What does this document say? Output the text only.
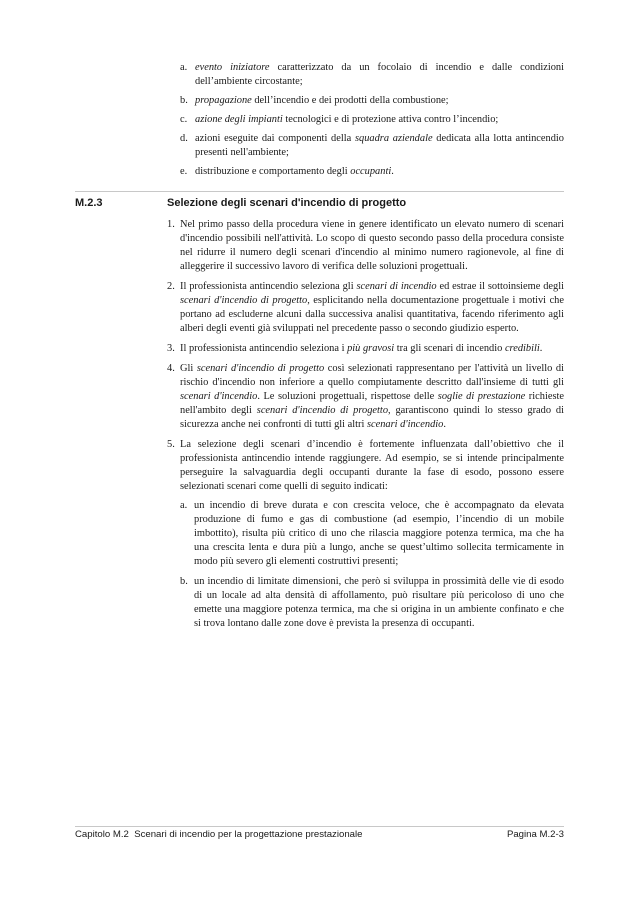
a. evento iniziatore caratterizzato da un focolaio di incendio e dalle condizioni dell’ambiente circostante;
b. propagazione dell’incendio e dei prodotti della combustione;
c. azione degli impianti tecnologici e di protezione attiva contro l’incendio;
d. azioni eseguite dai componenti della squadra aziendale dedicata alla lotta antincendio presenti nell'ambiente;
e. distribuzione e comportamento degli occupanti.
M.2.3	Selezione degli scenari d'incendio di progetto
1. Nel primo passo della procedura viene in genere identificato un elevato numero di scenari d'incendio possibili nell'attività. Lo scopo di questo secondo passo della procedura consiste nel ridurre il numero degli scenari d'incendio al minimo numero ragionevole, al fine di alleggerire il successivo lavoro di verifica delle soluzioni progettuali.
2. Il professionista antincendio seleziona gli scenari di incendio ed estrae il sottoinsieme degli scenari d'incendio di progetto, esplicitando nella documentazione progettuale i motivi che portano ad escluderne alcuni dalla successiva analisi quantitativa, facendo riferimento agli alberi degli eventi già sviluppati nel precedente passo o secondo giudizio esperto.
3. Il professionista antincendio seleziona i più gravosi tra gli scenari di incendio credibili.
4. Gli scenari d'incendio di progetto così selezionati rappresentano per l'attività un livello di rischio d'incendio non inferiore a quello compiutamente descritto dall'insieme di tutti gli scenari d'incendio. Le soluzioni progettuali, rispettose delle soglie di prestazione richieste nell'ambito degli scenari d'incendio di progetto, garantiscono quindi lo stesso grado di sicurezza anche nei confronti di tutti gli altri scenari d'incendio.
5. La selezione degli scenari d’incendio è fortemente influenzata dall’obiettivo che il professionista antincendio intende raggiungere. Ad esempio, se si intende principalmente perseguire la salvaguardia degli occupanti durante la fase di esodo, possono essere selezionati scenari come quelli di seguito indicati:
a. un incendio di breve durata e con crescita veloce, che è accompagnato da elevata produzione di fumo e gas di combustione (ad esempio, l’incendio di un mobile imbottito), risulta più critico di uno che rilascia maggiore potenza termica, ma che ha una crescita lenta e dura più a lungo, anche se quest’ultimo sollecita termicamente in modo più severo gli elementi costruttivi presenti;
b. un incendio di limitate dimensioni, che però si sviluppa in prossimità delle vie di esodo di un locale ad alta densità di affollamento, può risultare più pericoloso di uno che emette una maggiore potenza termica, ma che si origina in un ambiente confinato e che si trova lontano dalle zone dove è prevista la presenza di occupanti.
Capitolo M.2  Scenari di incendio per la progettazione prestazionale	Pagina M.2-3
